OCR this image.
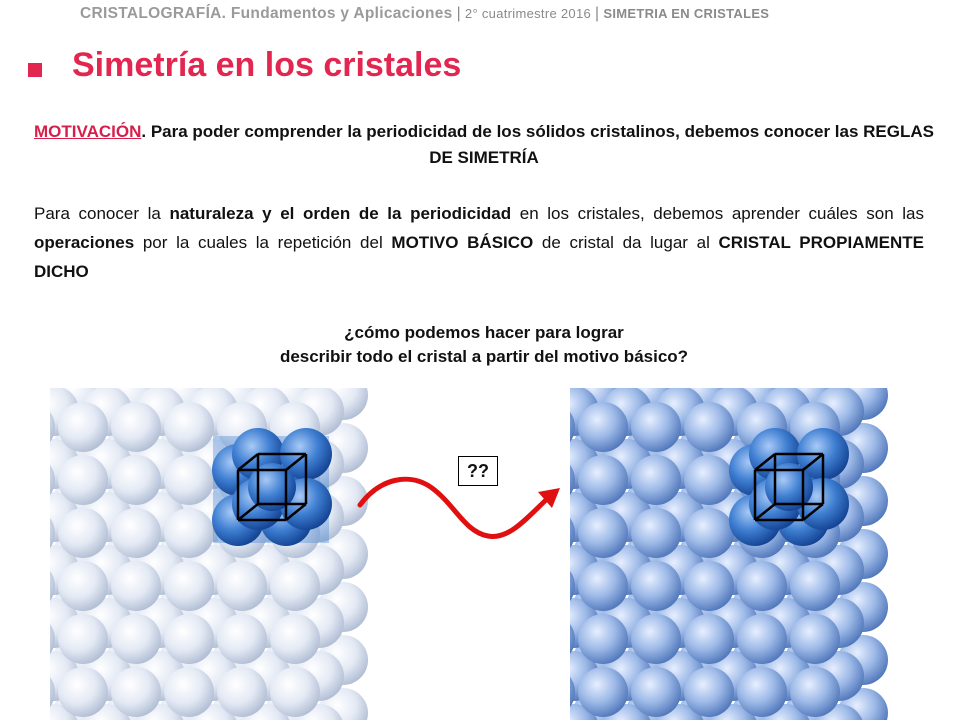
CRISTALOGRAFÍA. Fundamentos y Aplicaciones | 2° cuatrimestre 2016 | SIMETRIA EN CRISTALES
Simetría en los cristales
MOTIVACIÓN. Para poder comprender la periodicidad de los sólidos cristalinos, debemos conocer las REGLAS DE SIMETRÍA
Para conocer la naturaleza y el orden de la periodicidad en los cristales, debemos aprender cuáles son las operaciones por la cuales la repetición del MOTIVO BÁSICO de cristal da lugar al CRISTAL PROPIAMENTE DICHO
¿cómo podemos hacer para lograr
describir todo el cristal a partir del motivo básico?
??
